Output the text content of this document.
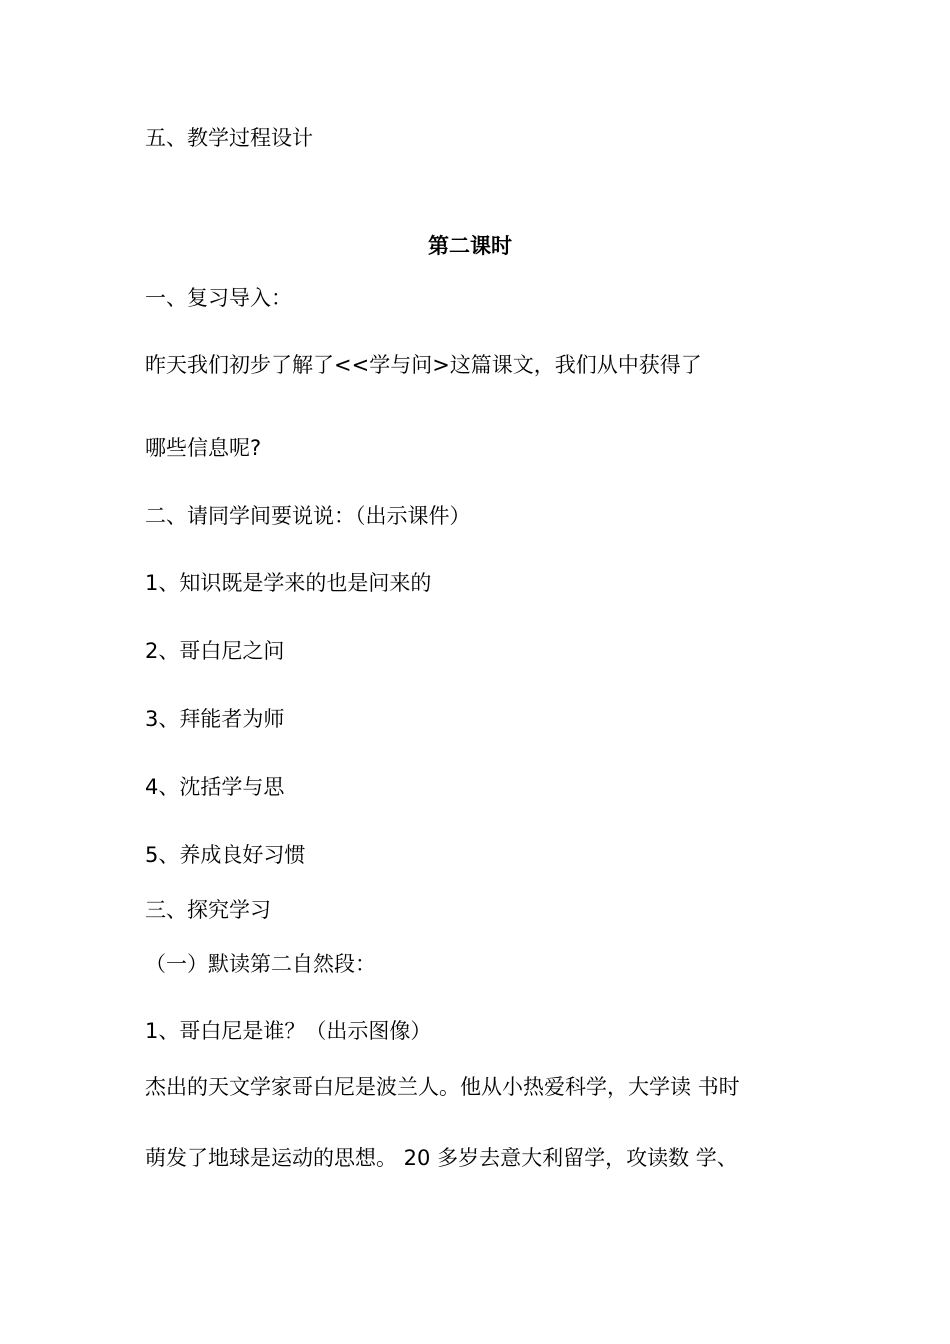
五、教学过程设计
第二课时
一、复习导入：
昨天我们初步了解了<<学与问>这篇课文，我们从中获得了
哪些信息呢?
二、请同学间要说说：（出示课件）
1、知识既是学来的也是问来的
2、哥白尼之问
3、拜能者为师
4、沈括学与思
5、养成良好习惯
三、探究学习
（一）默读第二自然段：
1、哥白尼是谁？（出示图像）
杰出的天文学家哥白尼是波兰人。他从小热爱科学，大学读 书时
萌发了地球是运动的思想。 20 多岁去意大利留学，攻读数 学、
